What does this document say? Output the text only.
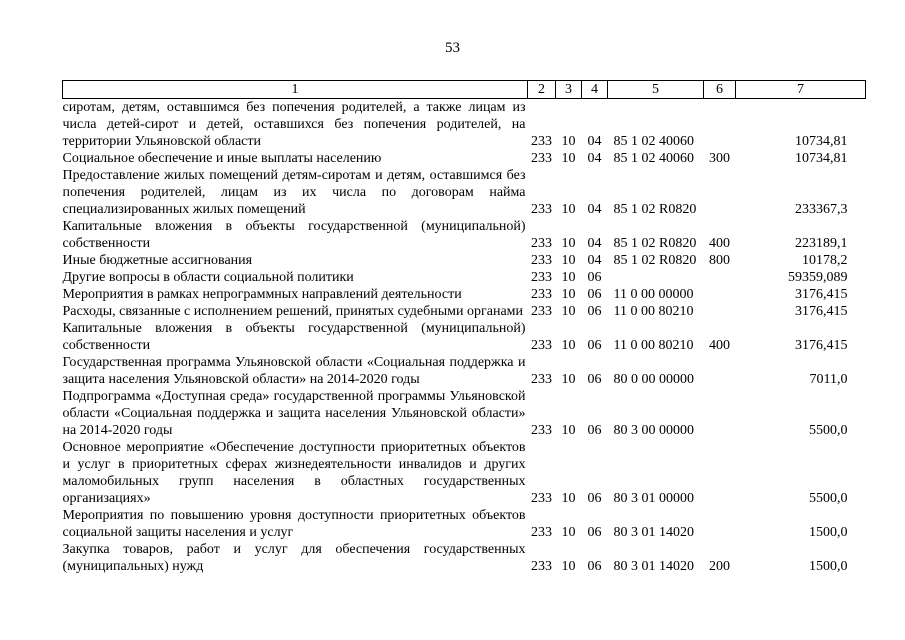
53
1	2	3	4	5	6	7
сиротам, детям, оставшимся без попечения родителей, а также лицам из числа детей-сирот и детей, оставшихся без попечения родителей, на территории Ульяновской области	233	10	04	85 1 02 40060		10734,81
Социальное обеспечение и иные выплаты населению	233	10	04	85 1 02 40060	300	10734,81
Предоставление жилых помещений детям-сиротам и детям, оставшимся без попечения родителей, лицам из их числа по договорам найма специализированных жилых помещений	233	10	04	85 1 02 R0820		233367,3
Капитальные вложения в объекты государственной (муниципальной) собственности	233	10	04	85 1 02 R0820	400	223189,1
Иные бюджетные ассигнования	233	10	04	85 1 02 R0820	800	10178,2
Другие вопросы в области социальной политики	233	10	06			59359,089
Мероприятия в рамках непрограммных направлений деятельности	233	10	06	11 0 00 00000		3176,415
Расходы, связанные с исполнением решений, принятых судебными органами	233	10	06	11 0 00 80210		3176,415
Капитальные вложения в объекты государственной (муниципальной) собственности	233	10	06	11 0 00 80210	400	3176,415
Государственная программа Ульяновской области «Социальная поддержка и защита населения Ульяновской области» на 2014-2020 годы	233	10	06	80 0 00 00000		7011,0
Подпрограмма «Доступная среда» государственной программы Ульяновской области «Социальная поддержка и защита населения Ульяновской области» на 2014-2020 годы	233	10	06	80 3 00 00000		5500,0
Основное мероприятие «Обеспечение доступности приоритетных объектов и услуг в приоритетных сферах жизнедеятельности инвалидов и других маломобильных групп населения в областных государственных организациях»	233	10	06	80 3 01 00000		5500,0
Мероприятия по повышению уровня доступности приоритетных объектов социальной защиты населения и услуг	233	10	06	80 3 01 14020		1500,0
Закупка товаров, работ и услуг для обеспечения государственных (муниципальных) нужд	233	10	06	80 3 01 14020	200	1500,0
